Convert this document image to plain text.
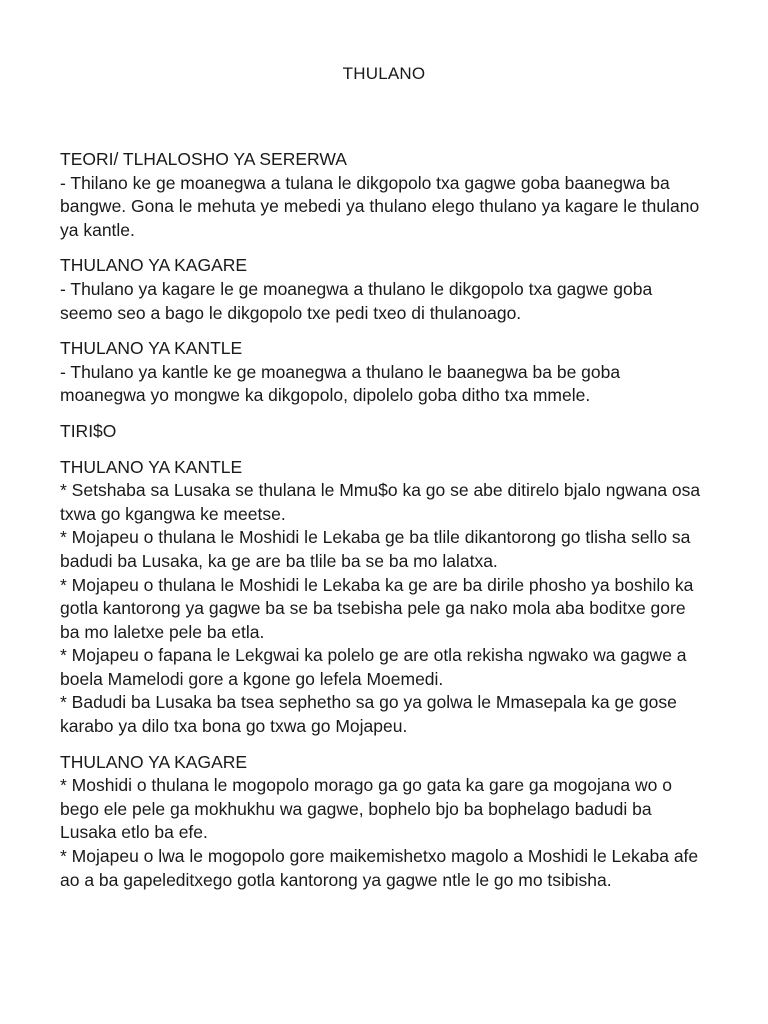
THULANO
TEORI/ TLHALOSHO YA SERERWA

- Thilano ke ge moanegwa a tulana le dikgopolo txa gagwe goba baanegwa ba bangwe. Gona le mehuta ye mebedi ya thulano elego thulano ya kagare le thulano ya kantle.

THULANO YA KAGARE

- Thulano ya kagare le ge moanegwa a thulano le dikgopolo txa gagwe goba seemo seo a bago le dikgopolo txe pedi txeo di thulanoago.

THULANO YA KANTLE

- Thulano ya kantle ke ge moanegwa a thulano le baanegwa ba be goba moanegwa yo mongwe ka dikgopolo, dipolelo goba ditho txa mmele.

TIRI$O
THULANO YA KANTLE

* Setshaba sa Lusaka se thulana le Mmu$o ka go se abe ditirelo bjalo ngwana osa txwa go kgangwa ke meetse.

* Mojapeu o thulana le Moshidi le Lekaba ge ba tlile dikantorong go tlisha sello sa badudi ba Lusaka, ka ge are ba tlile ba se ba mo lalatxa.

* Mojapeu o thulana le Moshidi le Lekaba ka ge are ba dirile phosho ya boshilo ka gotla kantorong ya gagwe ba se ba tsebisha pele ga nako mola aba boditxe gore ba mo laletxe pele ba etla.

* Mojapeu o fapana le Lekgwai ka polelo ge are otla rekisha ngwako wa gagwe a boela Mamelodi gore a kgone go lefela Moemedi.

* Badudi ba Lusaka ba tsea sephetho sa go ya golwa le Mmasepala ka ge gose karabo ya dilo txa bona go txwa go Mojapeu.

THULANO YA KAGARE

* Moshidi o thulana le mogopolo morago ga go gata ka gare ga mogojana wo o bego ele pele ga mokhukhu wa gagwe, bophelo bjo ba bophelago badudi ba Lusaka etlo ba efe.

* Mojapeu o lwa le mogopolo gore maikemishetxo magolo a Moshidi le Lekaba afe ao a ba gapeleditxego gotla kantorong ya gagwe ntle le go mo tsibisha.
